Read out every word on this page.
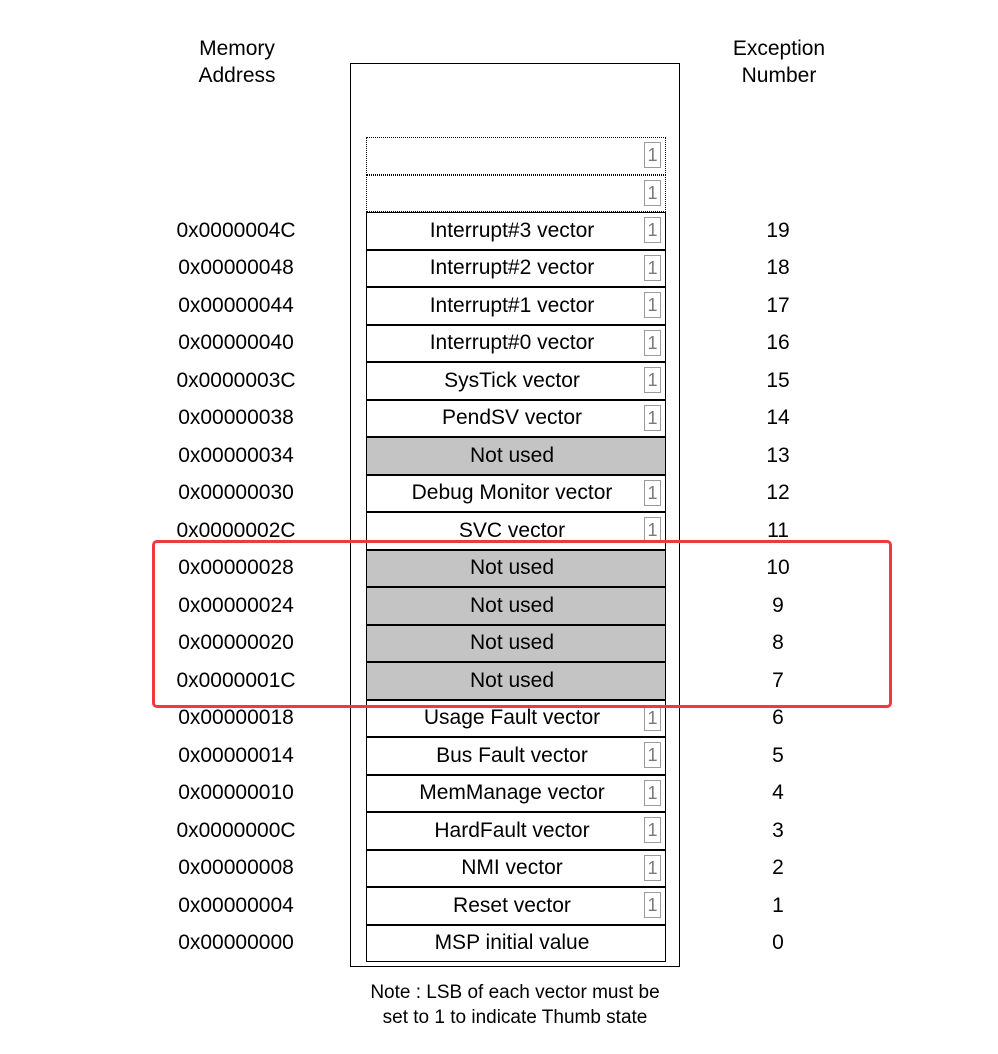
Memory
Address
Exception
Number
1
1
0x0000004C	Interrupt#3 vector	1	19
0x00000048	Interrupt#2 vector	1	18
0x00000044	Interrupt#1 vector	1	17
0x00000040	Interrupt#0 vector	1	16
0x0000003C	SysTick vector	1	15
0x00000038	PendSV vector	1	14
0x00000034	Not used	13
0x00000030	Debug Monitor vector 1	12
0x0000002C	SVC vector	1	11
0x00000028	Not used	10
0x00000024	Not used	9
0x00000020	Not used	8
0x0000001C	Not used	7
0x00000018	Usage Fault vector	1	6
0x00000014	Bus Fault vector	1	5
0x00000010	MemManage vector 1	4
0x0000000C	HardFault vector	1	3
0x00000008	NMI vector	1	2
0x00000004	Reset vector	1	1
0x00000000	MSP initial value	0
Note : LSB of each vector must be
set to 1 to indicate Thumb state
